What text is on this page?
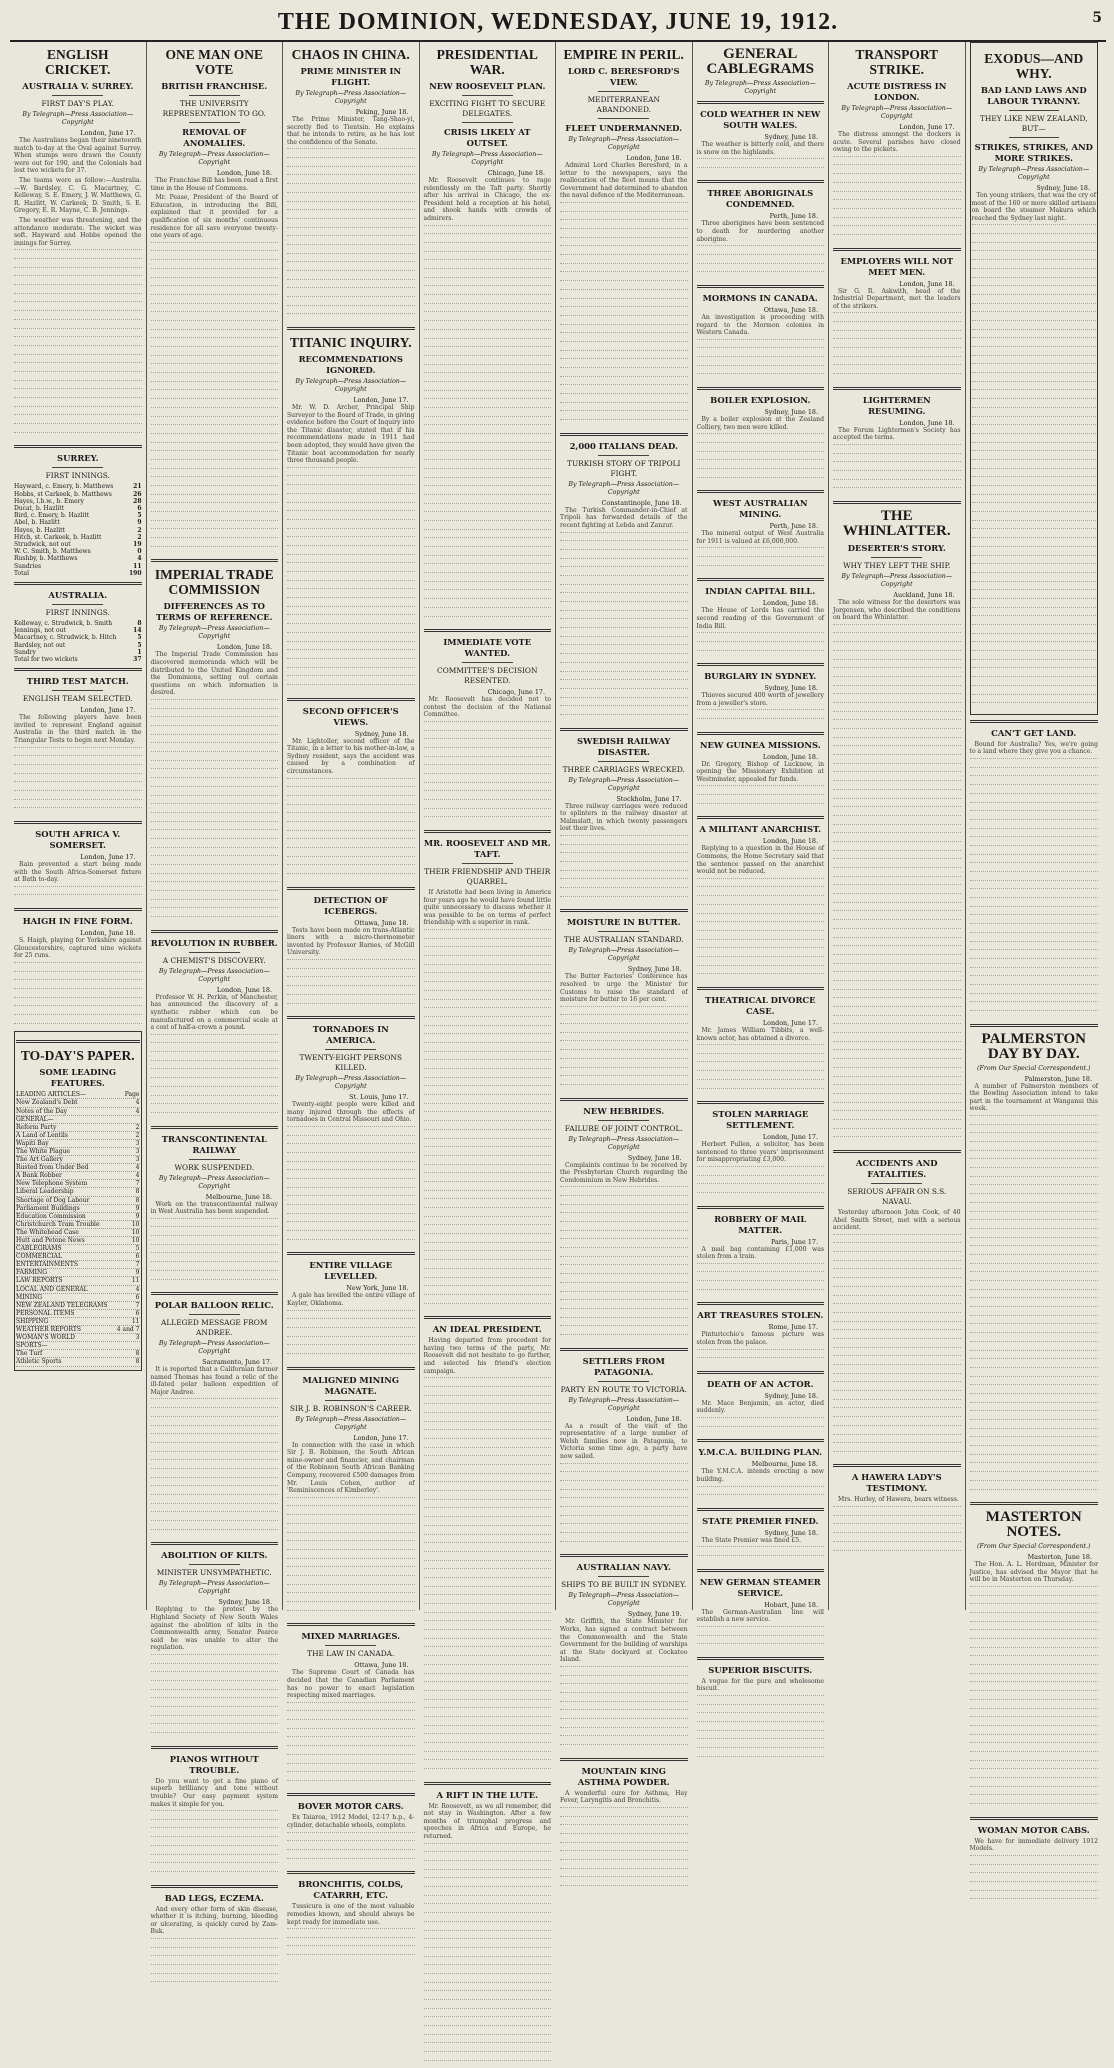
THE DOMINION, WEDNESDAY, JUNE 19, 1912.	5
ENGLISH CRICKET.
AUSTRALIA V. SURREY.
FIRST DAY'S PLAY.
By Telegraph—Press Association—Copyright
London, June 17.

The Australians began their nineteenth match to-day at the Oval against Surrey. When stumps were drawn the County were out for 190, and the Colonials had lost two wickets for 37.

The teams were as follow:—Australia.—W. Bardsley, C. G. Macartney, C. Kelleway, S. E. Emery, J. W. Matthews, G. R. Hazlitt, W. Carkeek, D. Smith, S. E. Gregory, E. R. Mayne, C. B. Jennings.

The weather was threatening, and the attendance moderate. The wicket was soft. Hayward and Hobbs opened the innings for Surrey.

SURREY.
FIRST INNINGS.
Hayward, c. Emery, b. Matthews	21
Hobbs, st Carkeek, b. Matthews	26
Hayes, l.b.w., b. Emery	28
Ducat, b. Hazlitt	6
Bird, c. Emery, b. Hazlitt	5
Abel, b. Hazlitt	9
Hayes, b. Hazlitt	2
Hitch, st. Carkeek, b. Hazlitt	2
Strudwick, not out	19
W. C. Smith, b. Matthews	0
Rushby, b. Matthews	4
Sundries	11
Total	190
AUSTRALIA.
FIRST INNINGS.
Kelleway, c. Strudwick, b. Smith	8
Jennings, not out	14
Macartney, c. Strudwick, b. Hitch	5
Bardsley, not out	5
Sundry	1
Total for two wickets	37
THIRD TEST MATCH.
ENGLISH TEAM SELECTED.
London, June 17.

The following players have been invited to represent England against Australia in the third match in the Triangular Tests to begin next Monday.

SOUTH AFRICA V. SOMERSET.
London, June 17.

Rain prevented a start being made with the South Africa-Somerset fixture at Bath to-day.

HAIGH IN FINE FORM.
London, June 18.

S. Haigh, playing for Yorkshire against Gloucestershire, captured nine wickets for 25 runs.

TO-DAY'S PAPER.
SOME LEADING FEATURES.
LEADING ARTICLES—	Page
New Zealand's Debt	4
Notes of the Day	4
GENERAL—
Reform Party	2
A Land of Lentils	2
Wapiti Bay	3
The White Plague	3
The Art Gallery	3
Rusted from Under Bed	4
A Bank Robber	4
New Telephone System	7
Liberal Leadership	8
Shortage of Dog Labour	8
Parliament Buildings	9
Education Commission	9
Christchurch Tram Trouble	10
The Whitehead Case	10
Hutt and Petone News	10
CABLEGRAMS	5
COMMERCIAL	6
ENTERTAINMENTS	7
FARMING	9
LAW REPORTS	11
LOCAL AND GENERAL	4
MINING	6
NEW ZEALAND TELEGRAMS	7
PERSONAL ITEMS	6
SHIPPING	11
WEATHER REPORTS	4 and 7
WOMAN'S WORLD	3
SPORTS—
The Turf	8
Athletic Sports	8
ONE MAN ONE VOTE
BRITISH FRANCHISE.
THE UNIVERSITY REPRESENTATION TO GO.
REMOVAL OF ANOMALIES.
By Telegraph—Press Association—Copyright
London, June 18.

The Franchise Bill has been read a first time in the House of Commons.

Mr. Pease, President of the Board of Education, in introducing the Bill, explained that it provided for a qualification of six months' continuous residence for all save everyone twenty-one years of age.

IMPERIAL TRADE COMMISSION
DIFFERENCES AS TO TERMS OF REFERENCE.
By Telegraph—Press Association—Copyright
London, June 18.

The Imperial Trade Commission has discovered memoranda which will be distributed to the United Kingdom and the Dominions, setting out certain questions on which information is desired.

REVOLUTION IN RUBBER.
A CHEMIST'S DISCOVERY.
By Telegraph—Press Association—Copyright
London, June 18.

Professor W. H. Perkin, of Manchester, has announced the discovery of a synthetic rubber which can be manufactured on a commercial scale at a cost of half-a-crown a pound.

TRANSCONTINENTAL RAILWAY
WORK SUSPENDED.
By Telegraph—Press Association—Copyright
Melbourne, June 18.

Work on the transcontinental railway in West Australia has been suspended.

POLAR BALLOON RELIC.
ALLEGED MESSAGE FROM ANDREE.
By Telegraph—Press Association—Copyright
Sacramento, June 17.

It is reported that a Californian farmer named Thomas has found a relic of the ill-fated polar balloon expedition of Major Andree.

ABOLITION OF KILTS.
MINISTER UNSYMPATHETIC.
By Telegraph—Press Association—Copyright
Sydney, June 18.

Replying to the protest by the Highland Society of New South Wales against the abolition of kilts in the Commonwealth army, Senator Pearce said he was unable to alter the regulation.

PIANOS WITHOUT TROUBLE.

Do you want to get a fine piano of superb brilliancy and tone without trouble? Our easy payment system makes it simple for you.

BAD LEGS, ECZEMA.

And every other form of skin disease, whether it is itching, burning, bleeding or ulcerating, is quickly cured by Zam-Buk.

CHAOS IN CHINA.
PRIME MINISTER IN FLIGHT.
By Telegraph—Press Association—Copyright
Peking, June 18.

The Prime Minister, Tang-Shao-yi, secretly fled to Tientsin. He explains that he intends to retire, as he has lost the confidence of the Senate.

TITANIC INQUIRY.
RECOMMENDATIONS IGNORED.
By Telegraph—Press Association—Copyright
London, June 17.

Mr. W. D. Archer, Principal Ship Surveyor to the Board of Trade, in giving evidence before the Court of Inquiry into the Titanic disaster, stated that if his recommendations made in 1911 had been adopted, they would have given the Titanic boat accommodation for nearly three thousand people.

SECOND OFFICER'S VIEWS.
Sydney, June 18.

Mr. Lightoller, second officer of the Titanic, in a letter to his mother-in-law, a Sydney resident, says the accident was caused by a combination of circumstances.

DETECTION OF ICEBERGS.
Ottawa, June 18.

Tests have been made on trans-Atlantic liners with a micro-thermometer invented by Professor Barnes, of McGill University.

TORNADOES IN AMERICA.
TWENTY-EIGHT PERSONS KILLED.
By Telegraph—Press Association—Copyright
St. Louis, June 17.

Twenty-eight people were killed and many injured through the effects of tornadoes in Central Missouri and Ohio.

ENTIRE VILLAGE LEVELLED.
New York, June 18.

A gale has levelled the entire village of Kayler, Oklahoma.

MALIGNED MINING MAGNATE.
SIR J. B. ROBINSON'S CAREER.
By Telegraph—Press Association—Copyright
London, June 17.

In connection with the case in which Sir J. B. Robinson, the South African mine-owner and financier, and chairman of the Robinson South African Banking Company, recovered £500 damages from Mr. Louis Cohen, author of 'Reminiscences of Kimberley'.

MIXED MARRIAGES.
THE LAW IN CANADA.
Ottawa, June 18.

The Supreme Court of Canada has decided that the Canadian Parliament has no power to enact legislation respecting mixed marriages.

BOVER MOTOR CARS.

Ex Taiaroa, 1912 Model, 12-17 h.p., 4-cylinder, detachable wheels, complete.

BRONCHITIS, COLDS, CATARRH, ETC.

Tussicura is one of the most valuable remedies known, and should always be kept ready for immediate use.

PRESIDENTIAL WAR.
NEW ROOSEVELT PLAN.
EXCITING FIGHT TO SECURE DELEGATES.
CRISIS LIKELY AT OUTSET.
By Telegraph—Press Association—Copyright
Chicago, June 18.

Mr. Roosevelt continues to rage relentlessly on the Taft party. Shortly after his arrival in Chicago, the ex-President held a reception at his hotel, and shook hands with crowds of admirers.

IMMEDIATE VOTE WANTED.
COMMITTEE'S DECISION RESENTED.
Chicago, June 17.

Mr. Roosevelt has decided not to contest the decision of the National Committee.

MR. ROOSEVELT AND MR. TAFT.
THEIR FRIENDSHIP AND THEIR QUARREL.

If Aristotle had been living in America four years ago he would have found little quite unnecessary to discuss whether it was possible to be on terms of perfect friendship with a superior in rank.

AN IDEAL PRESIDENT.

Having departed from precedent for having two terms of the party, Mr. Roosevelt did not hesitate to go further, and selected his friend's election campaign.

A RIFT IN THE LUTE.

Mr. Roosevelt, as we all remember, did not stay in Washington. After a few months of triumphal progress and speeches in Africa and Europe, he returned.

EMPIRE IN PERIL.
LORD C. BERESFORD'S VIEW.
MEDITERRANEAN ABANDONED.
FLEET UNDERMANNED.
By Telegraph—Press Association—Copyright
London, June 18.

Admiral Lord Charles Beresford, in a letter to the newspapers, says the reallocation of the fleet means that the Government had determined to abandon the naval defence of the Mediterranean.

2,000 ITALIANS DEAD.
TURKISH STORY OF TRIPOLI FIGHT.
By Telegraph—Press Association—Copyright
Constantinople, June 18.

The Turkish Commander-in-Chief at Tripoli has forwarded details of the recent fighting at Lebda and Zanzur.

SWEDISH RAILWAY DISASTER.
THREE CARRIAGES WRECKED.
By Telegraph—Press Association—Copyright
Stockholm, June 17.

Three railway carriages were reduced to splinters in the railway disaster at Malmslatt, in which twenty passengers lost their lives.

MOISTURE IN BUTTER.
THE AUSTRALIAN STANDARD.
By Telegraph—Press Association—Copyright
Sydney, June 18.

The Butter Factories' Conference has resolved to urge the Minister for Customs to raise the standard of moisture for butter to 16 per cent.

NEW HEBRIDES.
FAILURE OF JOINT CONTROL.
By Telegraph—Press Association—Copyright
Sydney, June 18.

Complaints continue to be received by the Presbyterian Church regarding the Condominium in New Hebrides.

SETTLERS FROM PATAGONIA.
PARTY EN ROUTE TO VICTORIA.
By Telegraph—Press Association—Copyright
London, June 18.

As a result of the visit of the representative of a large number of Welsh families now in Patagonia, to Victoria some time ago, a party have now sailed.

AUSTRALIAN NAVY.
SHIPS TO BE BUILT IN SYDNEY.
By Telegraph—Press Association—Copyright
Sydney, June 19.

Mr. Griffith, the State Minister for Works, has signed a contract between the Commonwealth and the State Government for the building of warships at the State dockyard at Cockatoo Island.

MOUNTAIN KING ASTHMA POWDER.

A wonderful cure for Asthma, Hay Fever, Laryngitis and Bronchitis.

GENERAL CABLEGRAMS
By Telegraph—Press Association—Copyright
COLD WEATHER IN NEW SOUTH WALES.
Sydney, June 18.

The weather is bitterly cold, and there is snow on the highlands.

THREE ABORIGINALS CONDEMNED.
Perth, June 18.

Three aborigines have been sentenced to death for murdering another aborigine.

MORMONS IN CANADA.
Ottawa, June 18.

An investigation is proceeding with regard to the Mormon colonies in Western Canada.

BOILER EXPLOSION.
Sydney, June 18.

By a boiler explosion at the Zealand Colliery, two men were killed.

WEST AUSTRALIAN MINING.
Perth, June 18.

The mineral output of West Australia for 1911 is valued at £6,000,000.

INDIAN CAPITAL BILL.
London, June 18.

The House of Lords has carried the second reading of the Government of India Bill.

BURGLARY IN SYDNEY.
Sydney, June 18.

Thieves secured 400 worth of jewellery from a jeweller's store.

NEW GUINEA MISSIONS.
London, June 18.

Dr. Gregory, Bishop of Lucknow, in opening the Missionary Exhibition at Westminster, appealed for funds.

A MILITANT ANARCHIST.
London, June 18.

Replying to a question in the House of Commons, the Home Secretary said that the sentence passed on the anarchist would not be reduced.

THEATRICAL DIVORCE CASE.
London, June 17.

Mr. James William Tibbits, a well-known actor, has obtained a divorce.

STOLEN MARRIAGE SETTLEMENT.
London, June 17.

Herbert Pullen, a solicitor, has been sentenced to three years' imprisonment for misappropriating £3,000.

ROBBERY OF MAIL MATTER.
Paris, June 17.

A mail bag containing £1,000 was stolen from a train.

ART TREASURES STOLEN.
Rome, June 17.

Pinturicchio's famous picture was stolen from the palace.

DEATH OF AN ACTOR.
Sydney, June 18.

Mr. Mace Benjamin, an actor, died suddenly.

Y.M.C.A. BUILDING PLAN.
Melbourne, June 18.

The Y.M.C.A. intends erecting a new building.

STATE PREMIER FINED.
Sydney, June 18.

The State Premier was fined £5.

NEW GERMAN STEAMER SERVICE.
Hobart, June 18.

The German-Australian line will establish a new service.

SUPERIOR BISCUITS.

A vogue for the pure and wholesome biscuit.

TRANSPORT STRIKE.
ACUTE DISTRESS IN LONDON.
By Telegraph—Press Association—Copyright
London, June 17.

The distress amongst the dockers is acute. Several parishes have closed owing to the pickets.

EMPLOYERS WILL NOT MEET MEN.
London, June 18.

Sir G. R. Askwith, head of the Industrial Department, met the leaders of the strikers.

LIGHTERMEN RESUMING.
London, June 18.

The Forum Lightermen's Society has accepted the terms.

THE WHINLATTER.
DESERTER'S STORY.
WHY THEY LEFT THE SHIP.
By Telegraph—Press Association—Copyright
Auckland, June 18.

The sole witness for the deserters was Jorgensen, who described the conditions on board the Whinlatter.

ACCIDENTS AND FATALITIES.
SERIOUS AFFAIR ON S.S. NAVAU.

Yesterday afternoon John Cook, of 40 Abel Smith Street, met with a serious accident.

A HAWERA LADY'S TESTIMONY.

Mrs. Hurley, of Hawera, bears witness.

EXODUS—AND WHY.
BAD LAND LAWS AND LABOUR TYRANNY.
THEY LIKE NEW ZEALAND, BUT—
STRIKES, STRIKES, AND MORE STRIKES.
By Telegraph—Press Association—Copyright
Sydney, June 18.

Ten young strikers, that was the cry of most of the 160 or more skilled artisans on board the steamer Makura which reached the Sydney last night.

CAN'T GET LAND.

Bound for Australia? Yes, we're going to a land where they give you a chance.

PALMERSTON DAY BY DAY.
(From Our Special Correspondent.)
Palmerston, June 18.

A number of Palmerston members of the Bowling Association intend to take part in the tournament at Wanganui this week.

MASTERTON NOTES.
(From Our Special Correspondent.)
Masterton, June 18.

The Hon. A. L. Herdman, Minister for Justice, has advised the Mayor that he will be in Masterton on Thursday.

WOMAN MOTOR CABS.

We have for immediate delivery 1912 Models.
